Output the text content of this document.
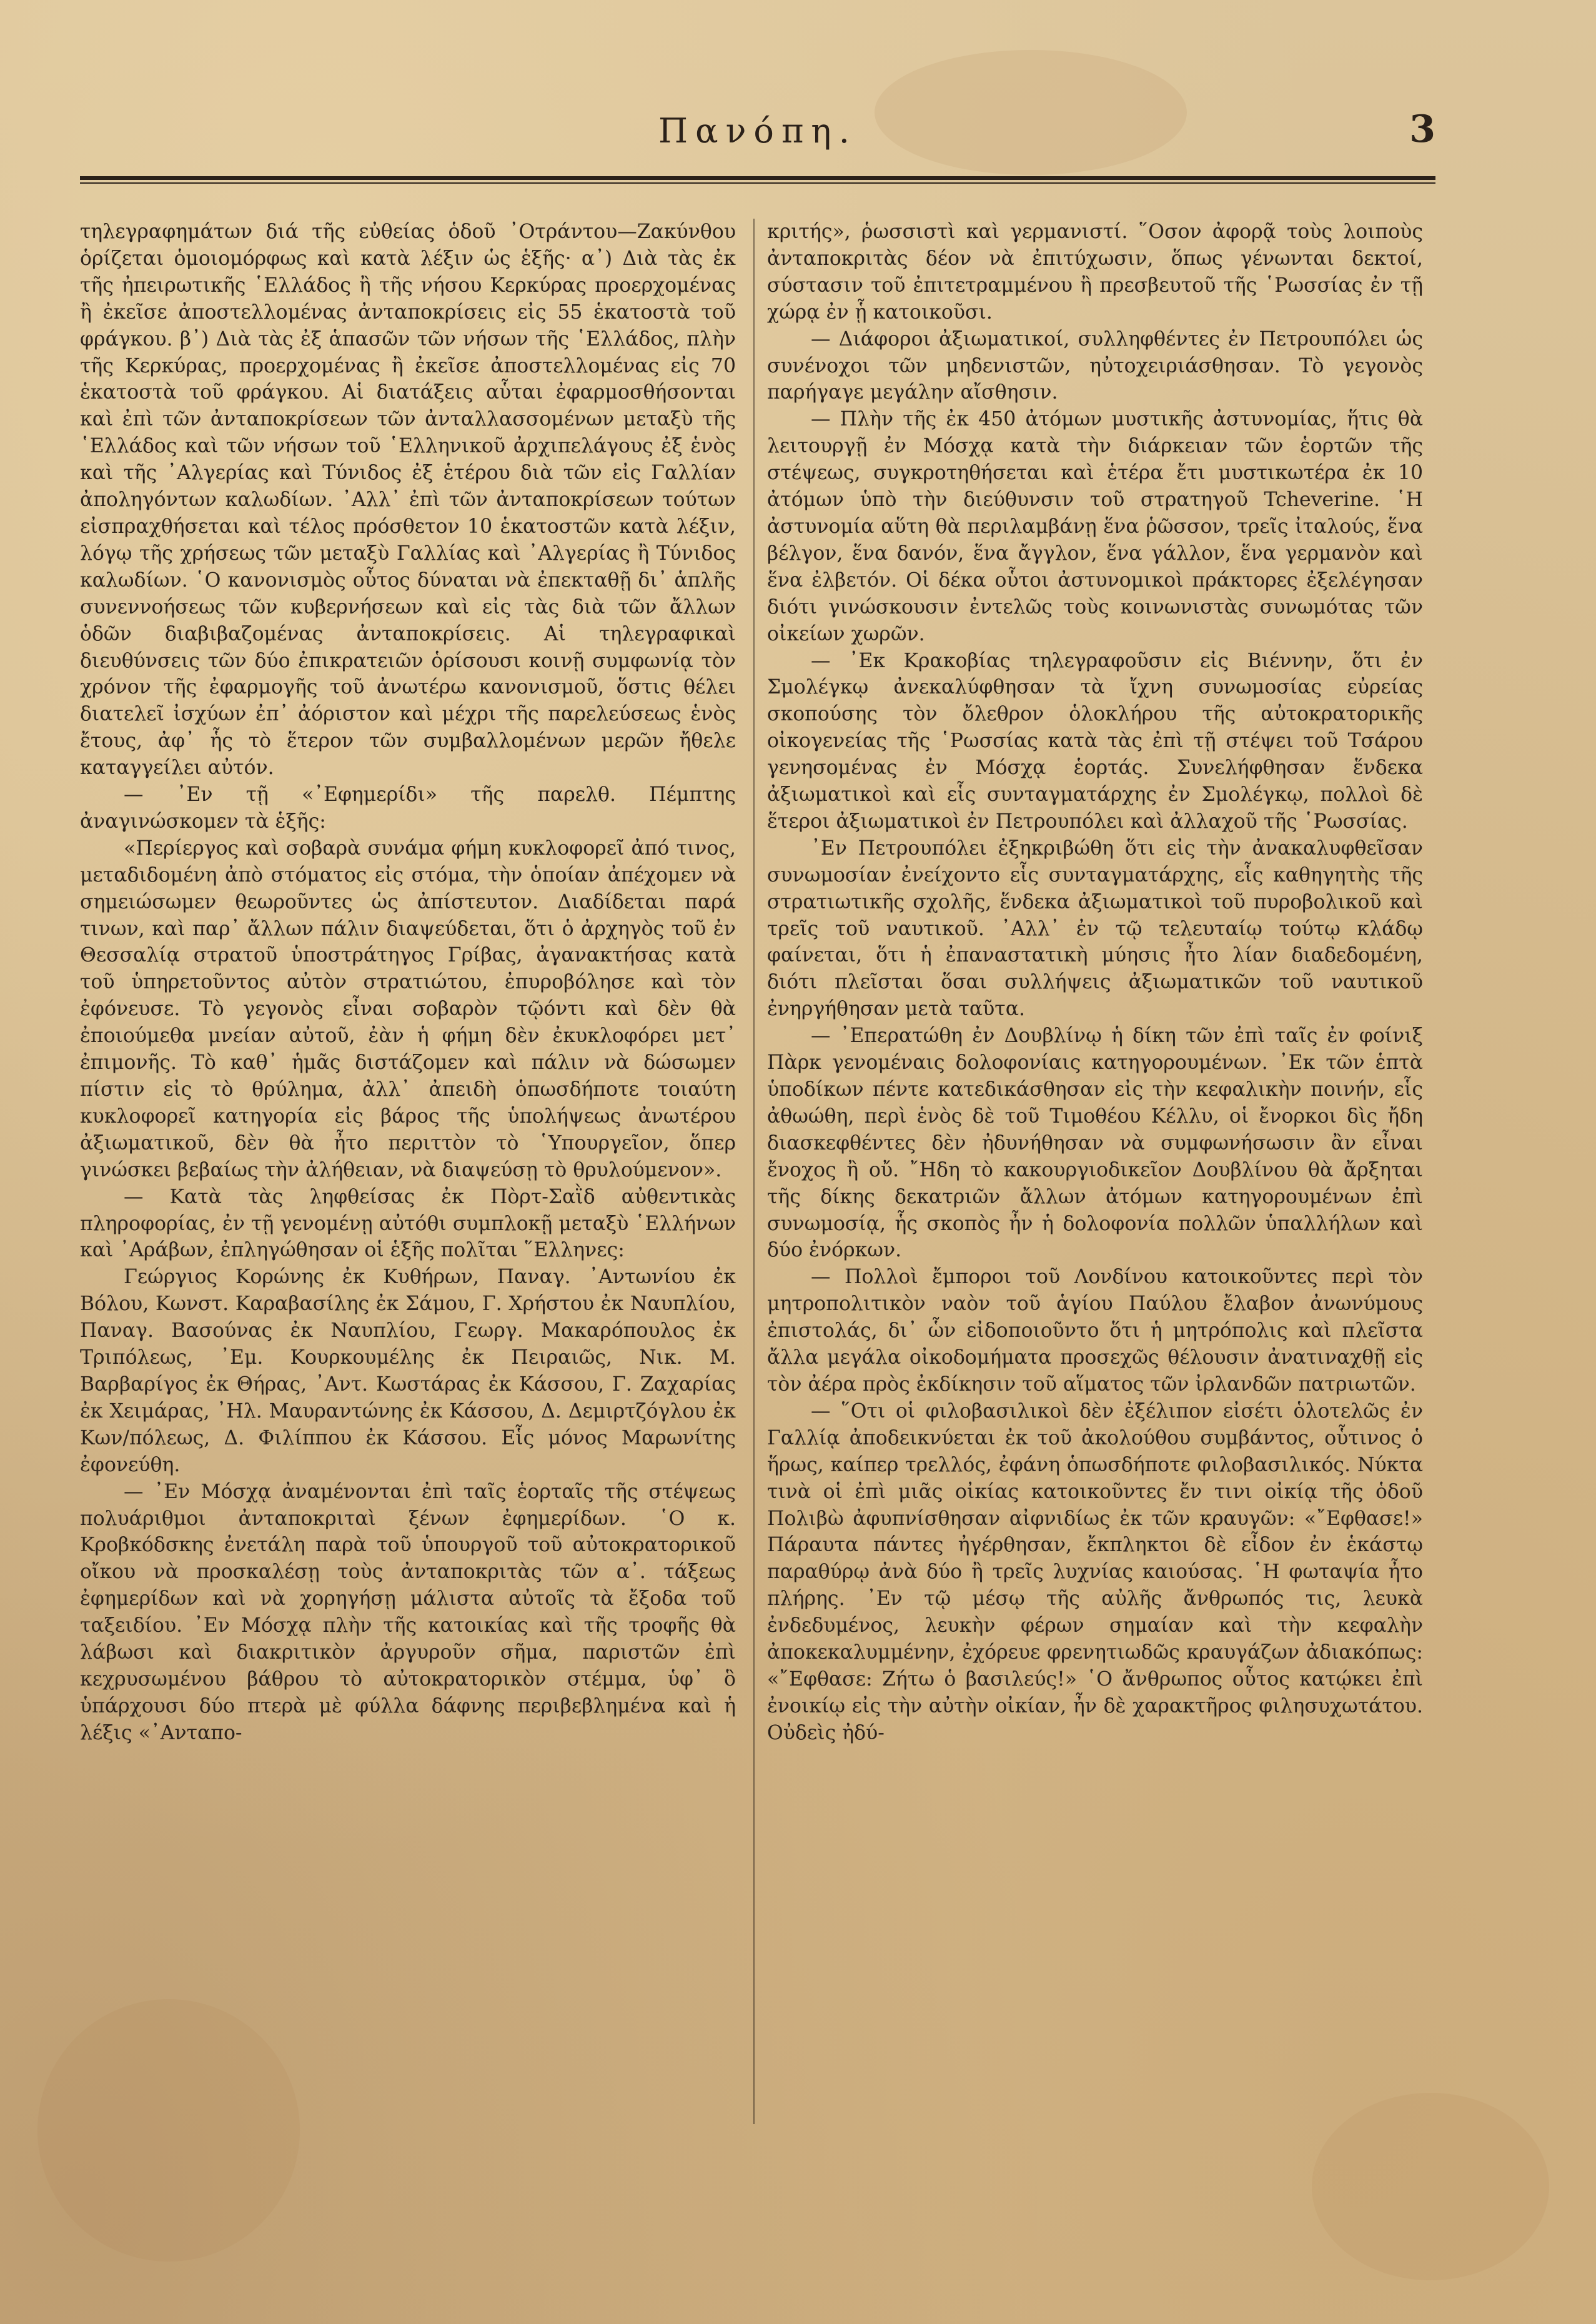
Πανόπη.	3

τηλεγραφημάτων διά τῆς εὐθείας ὁδοῦ ᾽Οτράντου—Ζακύνθου ὁρίζεται ὁμοιομόρφως καὶ κατὰ λέξιν ὡς ἑξῆς· α᾽) Διὰ τὰς ἐκ τῆς ἠπειρωτικῆς ῾Ελλάδος ἢ τῆς νήσου Κερκύρας προερχομένας ἢ ἐκεῖσε ἀποστελλομένας ἀνταποκρίσεις εἰς 55 ἑκατοστὰ τοῦ φράγκου. β᾽) Διὰ τὰς ἐξ ἁπασῶν τῶν νήσων τῆς ῾Ελλάδος, πλὴν τῆς Κερκύρας, προερχομένας ἢ ἐκεῖσε ἀποστελλομένας εἰς 70 ἑκατοστὰ τοῦ φράγκου. Αἱ διατάξεις αὗται ἐφαρμοσθήσονται καὶ ἐπὶ τῶν ἀνταποκρίσεων τῶν ἀνταλλασσομένων μεταξὺ τῆς ῾Ελλάδος καὶ τῶν νήσων τοῦ ῾Ελληνικοῦ ἀρχιπελάγους ἐξ ἑνὸς καὶ τῆς ᾽Αλγερίας καὶ Τύνιδος ἐξ ἑτέρου διὰ τῶν εἰς Γαλλίαν ἀποληγόντων καλωδίων. ᾽Αλλ᾽ ἐπὶ τῶν ἀνταποκρίσεων τούτων εἰσπραχθήσεται καὶ τέλος πρόσθετον 10 ἑκατοστῶν κατὰ λέξιν, λόγῳ τῆς χρήσεως τῶν μεταξὺ Γαλλίας καὶ ᾽Αλγερίας ἢ Τύνιδος καλωδίων. ῾Ο κανονισμὸς οὗτος δύναται νὰ ἐπεκταθῇ δι᾽ ἁπλῆς συνεννοήσεως τῶν κυβερνήσεων καὶ εἰς τὰς διὰ τῶν ἄλλων ὁδῶν διαβιβαζομένας ἀνταποκρίσεις. Αἱ τηλεγραφικαὶ διευθύνσεις τῶν δύο ἐπικρατειῶν ὁρίσουσι κοινῇ συμφωνίᾳ τὸν χρόνον τῆς ἐφαρμογῆς τοῦ ἀνωτέρω κανονισμοῦ, ὅστις θέλει διατελεῖ ἰσχύων ἐπ᾽ ἀόριστον καὶ μέχρι τῆς παρελεύσεως ἑνὸς ἔτους, ἀφ᾽ ἧς τὸ ἕτερον τῶν συμβαλλομένων μερῶν ἤθελε καταγγείλει αὐτόν.

— ᾽Εν τῇ «᾽Εφημερίδι» τῆς παρελθ. Πέμπτης ἀναγινώσκομεν τὰ ἑξῆς:

«Περίεργος καὶ σοβαρὰ συνάμα φήμη κυκλοφορεῖ ἀπό τινος, μεταδιδομένη ἀπὸ στόματος εἰς στόμα, τὴν ὁποίαν ἀπέχομεν νὰ σημειώσωμεν θεωροῦντες ὡς ἀπίστευτον. Διαδίδεται παρά τινων, καὶ παρ᾽ ἄλλων πάλιν διαψεύδεται, ὅτι ὁ ἀρχηγὸς τοῦ ἐν Θεσσαλίᾳ στρατοῦ ὑποστράτηγος Γρίβας, ἀγανακτήσας κατὰ τοῦ ὑπηρετοῦντος αὐτὸν στρατιώτου, ἐπυροβόλησε καὶ τὸν ἐφόνευσε. Τὸ γεγονὸς εἶναι σοβαρὸν τῷόντι καὶ δὲν θὰ ἐποιούμεθα μνείαν αὐτοῦ, ἐὰν ἡ φήμη δὲν ἐκυκλοφόρει μετ᾽ ἐπιμονῆς. Τὸ καθ᾽ ἡμᾶς διστάζομεν καὶ πάλιν νὰ δώσωμεν πίστιν εἰς τὸ θρύλημα, ἀλλ᾽ ἀπειδὴ ὁπωσδήποτε τοιαύτη κυκλοφορεῖ κατηγορία εἰς βάρος τῆς ὑπολήψεως ἀνωτέρου ἀξιωματικοῦ, δὲν θὰ ἦτο περιττὸν τὸ ῾Υπουργεῖον, ὅπερ γινώσκει βεβαίως τὴν ἀλήθειαν, νὰ διαψεύσῃ τὸ θρυλούμενον».

— Κατὰ τὰς ληφθείσας ἐκ Πὸρτ-Σαῒδ αὐθεντικὰς πληροφορίας, ἐν τῇ γενομένῃ αὐτόθι συμπλοκῇ μεταξὺ ῾Ελλήνων καὶ ᾽Αράβων, ἐπληγώθησαν οἱ ἑξῆς πολῖται ῞Ελληνες:

Γεώργιος Κορώνης ἐκ Κυθήρων, Παναγ. ᾽Αντωνίου ἐκ Βόλου, Κωνστ. Καραβασίλης ἐκ Σάμου, Γ. Χρήστου ἐκ Ναυπλίου, Παναγ. Βασούνας ἐκ Ναυπλίου, Γεωργ. Μακαρόπουλος ἐκ Τριπόλεως, ᾽Εμ. Κουρκουμέλης ἐκ Πειραιῶς, Νικ. Μ. Βαρβαρίγος ἐκ Θήρας, ᾽Αντ. Κωστάρας ἐκ Κάσσου, Γ. Ζαχαρίας ἐκ Χειμάρας, ᾽Ηλ. Μαυραντώνης ἐκ Κάσσου, Δ. Δεμιρτζόγλου ἐκ Κων/πόλεως, Δ. Φιλίππου ἐκ Κάσσου. Εἷς μόνος Μαρωνίτης ἐφονεύθη.

— ᾽Εν Μόσχᾳ ἀναμένονται ἐπὶ ταῖς ἑορταῖς τῆς στέψεως πολυάριθμοι ἀνταποκριταὶ ξένων ἐφημερίδων. ῾Ο κ. Κροβκόδσκης ἐνετάλη παρὰ τοῦ ὑπουργοῦ τοῦ αὐτοκρατορικοῦ οἴκου νὰ προσκαλέσῃ τοὺς ἀνταποκριτὰς τῶν α᾽. τάξεως ἐφημερίδων καὶ νὰ χορηγήσῃ μάλιστα αὐτοῖς τὰ ἔξοδα τοῦ ταξειδίου. ᾽Εν Μόσχᾳ πλὴν τῆς κατοικίας καὶ τῆς τροφῆς θὰ λάβωσι καὶ διακριτικὸν ἀργυροῦν σῆμα, παριστῶν ἐπὶ κεχρυσωμένου βάθρου τὸ αὐτοκρατορικὸν στέμμα, ὑφ᾽ ὃ ὑπάρχουσι δύο πτερὰ μὲ φύλλα δάφνης περιβεβλημένα καὶ ἡ λέξις «᾽Ανταπο-

κριτής», ῥωσσιστὶ καὶ γερμανιστί. ῞Οσον ἀφορᾷ τοὺς λοιποὺς ἀνταποκριτὰς δέον νὰ ἐπιτύχωσιν, ὅπως γένωνται δεκτοί, σύστασιν τοῦ ἐπιτετραμμένου ἢ πρεσβευτοῦ τῆς ῾Ρωσσίας ἐν τῇ χώρᾳ ἐν ᾗ κατοικοῦσι.

— Διάφοροι ἀξιωματικοί, συλληφθέντες ἐν Πετρουπόλει ὡς συνένοχοι τῶν μηδενιστῶν, ηὐτοχειριάσθησαν. Τὸ γεγονὸς παρήγαγε μεγάλην αἴσθησιν.

— Πλὴν τῆς ἐκ 450 ἀτόμων μυστικῆς ἀστυνομίας, ἥτις θὰ λειτουργῇ ἐν Μόσχᾳ κατὰ τὴν διάρκειαν τῶν ἑορτῶν τῆς στέψεως, συγκροτηθήσεται καὶ ἑτέρα ἔτι μυστικωτέρα ἐκ 10 ἀτόμων ὑπὸ τὴν διεύθυνσιν τοῦ στρατηγοῦ Tcheverine. ῾Η ἀστυνομία αὕτη θὰ περιλαμβάνῃ ἕνα ῥῶσσον, τρεῖς ἰταλούς, ἕνα βέλγον, ἕνα δανόν, ἕνα ἄγγλον, ἕνα γάλλον, ἕνα γερμανὸν καὶ ἕνα ἐλβετόν. Οἱ δέκα οὗτοι ἀστυνομικοὶ πράκτορες ἐξελέγησαν διότι γινώσκουσιν ἐντελῶς τοὺς κοινωνιστὰς συνωμότας τῶν οἰκείων χωρῶν.

— ᾽Εκ Κρακοβίας τηλεγραφοῦσιν εἰς Βιέννην, ὅτι ἐν Σμολέγκῳ ἀνεκαλύφθησαν τὰ ἴχνη συνωμοσίας εὐρείας σκοπούσης τὸν ὄλεθρον ὁλοκλήρου τῆς αὐτοκρατορικῆς οἰκογενείας τῆς ῾Ρωσσίας κατὰ τὰς ἐπὶ τῇ στέψει τοῦ Τσάρου γενησομένας ἐν Μόσχᾳ ἑορτάς. Συνελήφθησαν ἕνδεκα ἀξιωματικοὶ καὶ εἷς συνταγματάρχης ἐν Σμολέγκῳ, πολλοὶ δὲ ἕτεροι ἀξιωματικοὶ ἐν Πετρουπόλει καὶ ἀλλαχοῦ τῆς ῾Ρωσσίας.

᾽Εν Πετρουπόλει ἐξηκριβώθη ὅτι εἰς τὴν ἀνακαλυφθεῖσαν συνωμοσίαν ἐνείχοντο εἷς συνταγματάρχης, εἷς καθηγητὴς τῆς στρατιωτικῆς σχολῆς, ἕνδεκα ἀξιωματικοὶ τοῦ πυροβολικοῦ καὶ τρεῖς τοῦ ναυτικοῦ. ᾽Αλλ᾽ ἐν τῷ τελευταίῳ τούτῳ κλάδῳ φαίνεται, ὅτι ἡ ἐπαναστατικὴ μύησις ἦτο λίαν διαδεδομένη, διότι πλεῖσται ὅσαι συλλήψεις ἀξιωματικῶν τοῦ ναυτικοῦ ἐνηργήθησαν μετὰ ταῦτα.

— ᾽Επερατώθη ἐν Δουβλίνῳ ἡ δίκη τῶν ἐπὶ ταῖς ἐν φοίνιξ Πὰρκ γενομέναις δολοφονίαις κατηγορουμένων. ᾽Εκ τῶν ἑπτὰ ὑποδίκων πέντε κατεδικάσθησαν εἰς τὴν κεφαλικὴν ποινήν, εἷς ἀθωώθη, περὶ ἑνὸς δὲ τοῦ Τιμοθέου Κέλλυ, οἱ ἔνορκοι δὶς ἤδη διασκεφθέντες δὲν ἠδυνήθησαν νὰ συμφωνήσωσιν ἂν εἶναι ἔνοχος ἢ οὔ. ῎Ηδη τὸ κακουργιοδικεῖον Δουβλίνου θὰ ἄρξηται τῆς δίκης δεκατριῶν ἄλλων ἀτόμων κατηγορουμένων ἐπὶ συνωμοσίᾳ, ἧς σκοπὸς ἦν ἡ δολοφονία πολλῶν ὑπαλλήλων καὶ δύο ἐνόρκων.

— Πολλοὶ ἔμποροι τοῦ Λονδίνου κατοικοῦντες περὶ τὸν μητροπολιτικὸν ναὸν τοῦ ἁγίου Παύλου ἔλαβον ἀνωνύμους ἐπιστολάς, δι᾽ ὧν εἰδοποιοῦντο ὅτι ἡ μητρόπολις καὶ πλεῖστα ἄλλα μεγάλα οἰκοδομήματα προσεχῶς θέλουσιν ἀνατιναχθῇ εἰς τὸν ἀέρα πρὸς ἐκδίκησιν τοῦ αἵματος τῶν ἰρλανδῶν πατριωτῶν.

— ῞Οτι οἱ φιλοβασιλικοὶ δὲν ἐξέλιπον εἰσέτι ὁλοτελῶς ἐν Γαλλίᾳ ἀποδεικνύεται ἐκ τοῦ ἀκολούθου συμβάντος, οὗτινος ὁ ἥρως, καίπερ τρελλός, ἐφάνη ὁπωσδήποτε φιλοβασιλικός. Νύκτα τινὰ οἱ ἐπὶ μιᾶς οἰκίας κατοικοῦντες ἔν τινι οἰκίᾳ τῆς ὁδοῦ Πολιβὼ ἀφυπνίσθησαν αἰφνιδίως ἐκ τῶν κραυγῶν: «῎Εφθασε!» Πάραυτα πάντες ἠγέρθησαν, ἔκπληκτοι δὲ εἶδον ἐν ἑκάστῳ παραθύρῳ ἀνὰ δύο ἢ τρεῖς λυχνίας καιούσας. ῾Η φωταψία ἦτο πλήρης. ᾽Εν τῷ μέσῳ τῆς αὐλῆς ἄνθρωπός τις, λευκὰ ἐνδεδυμένος, λευκὴν φέρων σημαίαν καὶ τὴν κεφαλὴν ἀποκεκαλυμμένην, ἐχόρευε φρενητιωδῶς κραυγάζων ἀδιακόπως: «῎Εφθασε: Ζήτω ὁ βασιλεύς!» ῾Ο ἄνθρωπος οὗτος κατῴκει ἐπὶ ἐνοικίῳ εἰς τὴν αὐτὴν οἰκίαν, ἦν δὲ χαρακτῆρος φιλησυχωτάτου. Οὐδεὶς ἠδύ-
